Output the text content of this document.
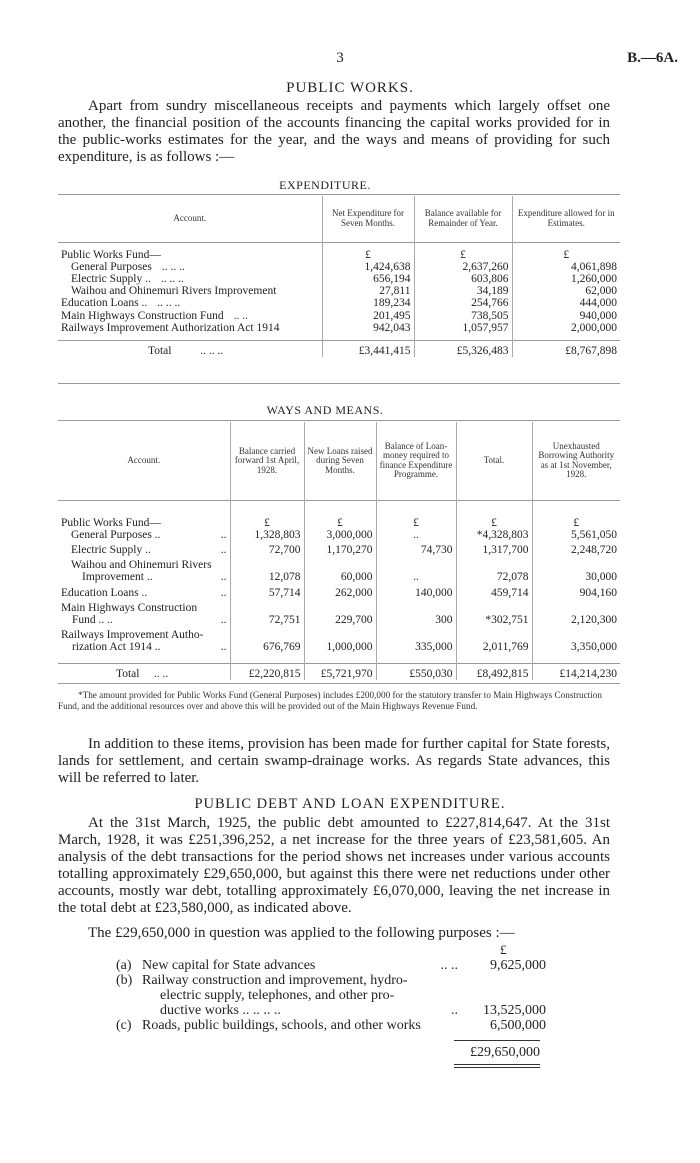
3	B.—6A.
PUBLIC WORKS.
Apart from sundry miscellaneous receipts and payments which largely offset one another, the financial position of the accounts financing the capital works provided for in the public-works estimates for the year, and the ways and means of providing for such expenditure, is as follows :—
EXPENDITURE.
Account.	Net Expenditure for Seven Months.	Balance available for Remainder of Year.	Expenditure allowed for in Estimates.

Public Works Fund—	£	£	£
General Purposes .. .. ..	1,424,638	2,637,260	4,061,898
Electric Supply .. .. .. ..	656,194	603,806	1,260,000
Waihou and Ohinemuri Rivers Improvement	27,811	34,189	62,000
Education Loans .. .. .. ..	189,234	254,766	444,000
Main Highways Construction Fund .. ..	201,495	738,505	940,000
Railways Improvement Authorization Act 1914	942,043	1,057,957	2,000,000

Total .. .. ..	£3,441,415	£5,326,483	£8,767,898
WAYS AND MEANS.
Account.	Balance carried forward 1st April, 1928.	New Loans raised during Seven Months.	Balance of Loan-money required to finance Expenditure Programme.	Total.	Unexhausted Borrowing Authority as at 1st November, 1928.

Public Works Fund—	£	£	£	£	£
General Purposes .. ..	1,328,803	3,000,000	..	*4,328,803	5,561,050

Electric Supply .. ..	72,700	1,170,270	74,730	1,317,700	2,248,720

Waihou and Ohinemuri Rivers					
Improvement .. ..	12,078	60,000	..	72,078	30,000

Education Loans .. ..	57,714	262,000	140,000	459,714	904,160

Main Highways Construction					
Fund .. .. ..	72,751	229,700	300	*302,751	2,120,300

Railways Improvement Autho-					
rization Act 1914 .. ..	676,769	1,000,000	335,000	2,011,769	3,350,000

Total .. ..	£2,220,815	£5,721,970	£550,030	£8,492,815	£14,214,230
*The amount provided for Public Works Fund (General Purposes) includes £200,000 for the statutory transfer to Main Highways Construction Fund, and the additional resources over and above this will be provided out of the Main Highways Revenue Fund.
In addition to these items, provision has been made for further capital for State forests, lands for settlement, and certain swamp-drainage works. As regards State advances, this will be referred to later.
PUBLIC DEBT AND LOAN EXPENDITURE.
At the 31st March, 1925, the public debt amounted to £227,814,647. At the 31st March, 1928, it was £251,396,252, a net increase for the three years of £23,581,605. An analysis of the debt transactions for the period shows net increases under various accounts totalling approximately £29,650,000, but against this there were net reductions under other accounts, mostly war debt, totalling approximately £6,070,000, leaving the net increase in the total debt at £23,580,000, as indicated above.
The £29,650,000 in question was applied to the following purposes :—
£
(a)	New capital for State advances .. ..	9,625,000
(b)	Railway construction and improvement, hydro-	
	electric supply, telephones, and other pro-	
	ductive works .. .. .. .. ..	13,525,000
(c)	Roads, public buildings, schools, and other works	6,500,000
£29,650,000
